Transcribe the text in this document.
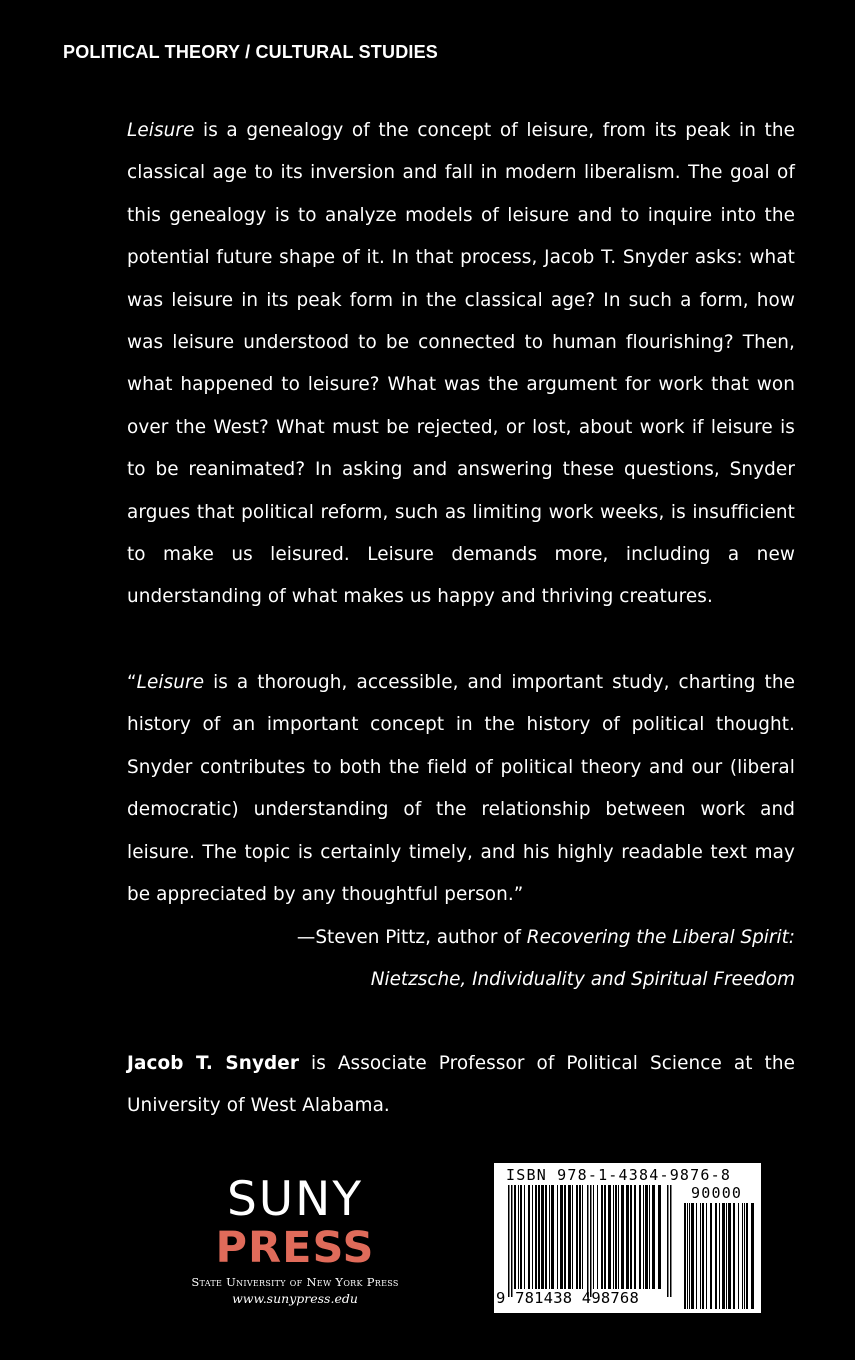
POLITICAL THEORY / CULTURAL STUDIES

Leisure is a genealogy of the concept of leisure, from its peak in the classical age to its inversion and fall in modern liberalism. The goal of this genealogy is to analyze models of leisure and to inquire into the potential future shape of it. In that process, Jacob T. Snyder asks: what was leisure in its peak form in the classical age? In such a form, how was leisure understood to be connected to human flourishing? Then, what happened to leisure? What was the argument for work that won over the West? What must be rejected, or lost, about work if leisure is to be reanimated? In asking and answering these questions, Snyder argues that political reform, such as limiting work weeks, is insufficient to make us leisured. Leisure demands more, including a new understanding of what makes us happy and thriving creatures.

“Leisure is a thorough, accessible, and important study, charting the history of an important concept in the history of political thought. Snyder contributes to both the field of political theory and our (liberal democratic) understanding of the relationship between work and leisure. The topic is certainly timely, and his highly readable text may be appreciated by any thoughtful person.”

—Steven Pittz, author of Recovering the Liberal Spirit:
Nietzsche, Individuality and Spiritual Freedom

Jacob T. Snyder is Associate Professor of Political Science at the University of West Alabama.

SUNY
PRESS
State University of New York Press
www.sunypress.edu
ISBN 978-1-4384-9876-8
90000
9 781438 498768
